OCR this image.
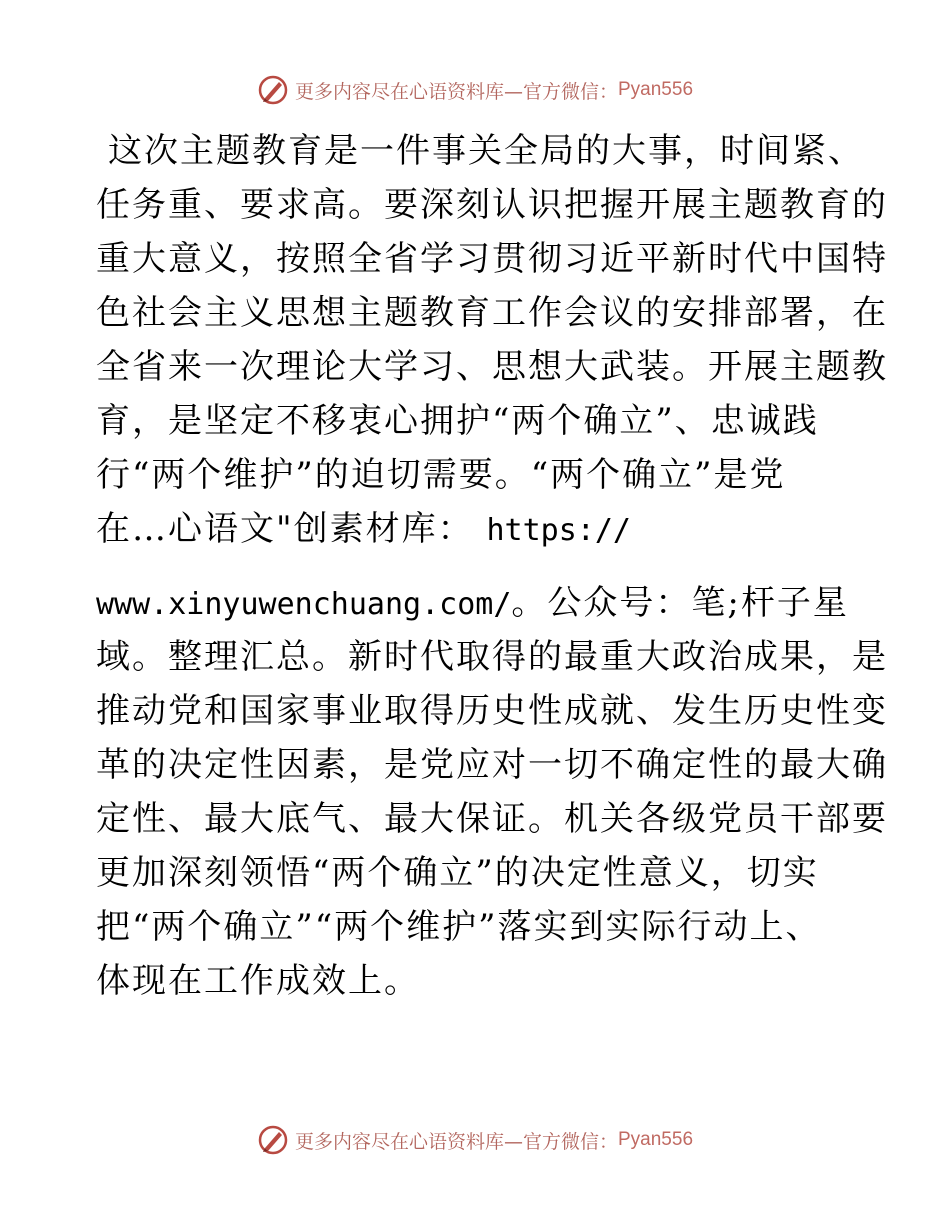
更多内容尽在心语资料库—官方微信： Pyan556
这次主题教育是一件事关全局的大事，时间紧、
任务重、要求高。要深刻认识把握开展主题教育的
重大意义，按照全省学习贯彻习近平新时代中国特
色社会主义思想主题教育工作会议的安排部署，在
全省来一次理论大学习、思想大武装。开展主题教
育，是坚定不移衷心拥护“两个确立”、忠诚践
行“两个维护”的迫切需要。“两个确立”是党
在…心语文"创素材库： https://
www.xinyuwenchuang.com/。公众号：笔;杆子星
域。整理汇总。新时代取得的最重大政治成果，是
推动党和国家事业取得历史性成就、发生历史性变
革的决定性因素，是党应对一切不确定性的最大确
定性、最大底气、最大保证。机关各级党员干部要
更加深刻领悟“两个确立”的决定性意义，切实
把“两个确立”“两个维护”落实到实际行动上、
体现在工作成效上。
更多内容尽在心语资料库—官方微信： Pyan556
